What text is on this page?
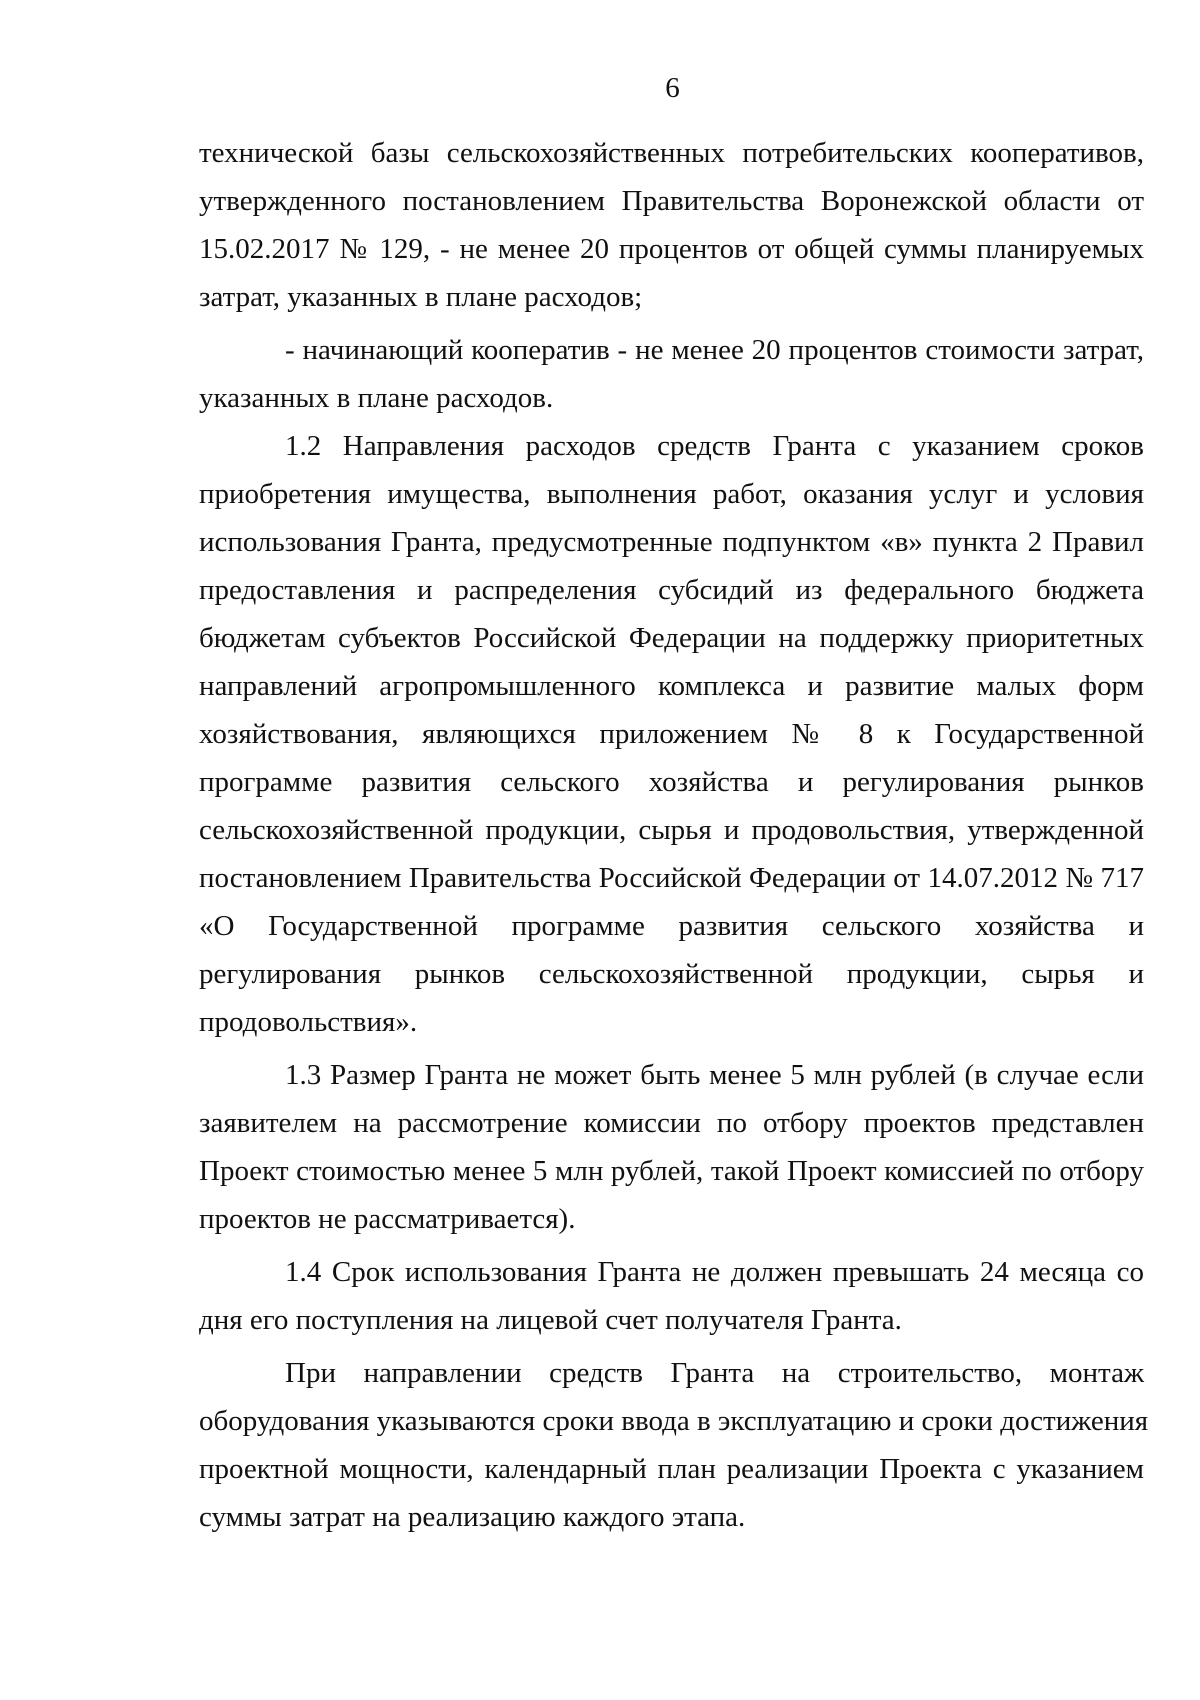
6
технической базы сельскохозяйственных потребительских кооперативов,
утвержденного постановлением Правительства Воронежской области от
15.02.2017 № 129, - не менее 20 процентов от общей суммы планируемых
затрат, указанных в плане расходов;
- начинающий кооператив - не менее 20 процентов стоимости затрат,
указанных в плане расходов.
1.2 Направления расходов средств Гранта с указанием сроков
приобретения имущества, выполнения работ, оказания услуг и условия
использования Гранта, предусмотренные подпунктом «в» пункта 2 Правил
предоставления и распределения субсидий из федерального бюджета
бюджетам субъектов Российской Федерации на поддержку приоритетных
направлений агропромышленного комплекса и развитие малых форм
хозяйствования, являющихся приложением № 8 к Государственной
программе развития сельского хозяйства и регулирования рынков
сельскохозяйственной продукции, сырья и продовольствия, утвержденной
постановлением Правительства Российской Федерации от 14.07.2012 № 717
«О Государственной программе развития сельского хозяйства и
регулирования рынков сельскохозяйственной продукции, сырья и
продовольствия».
1.3 Размер Гранта не может быть менее 5 млн рублей (в случае если
заявителем на рассмотрение комиссии по отбору проектов представлен
Проект стоимостью менее 5 млн рублей, такой Проект комиссией по отбору
проектов не рассматривается).
1.4 Срок использования Гранта не должен превышать 24 месяца со
дня его поступления на лицевой счет получателя Гранта.
При направлении средств Гранта на строительство, монтаж
оборудования указываются сроки ввода в эксплуатацию и сроки достижения
проектной мощности, календарный план реализации Проекта с указанием
суммы затрат на реализацию каждого этапа.
